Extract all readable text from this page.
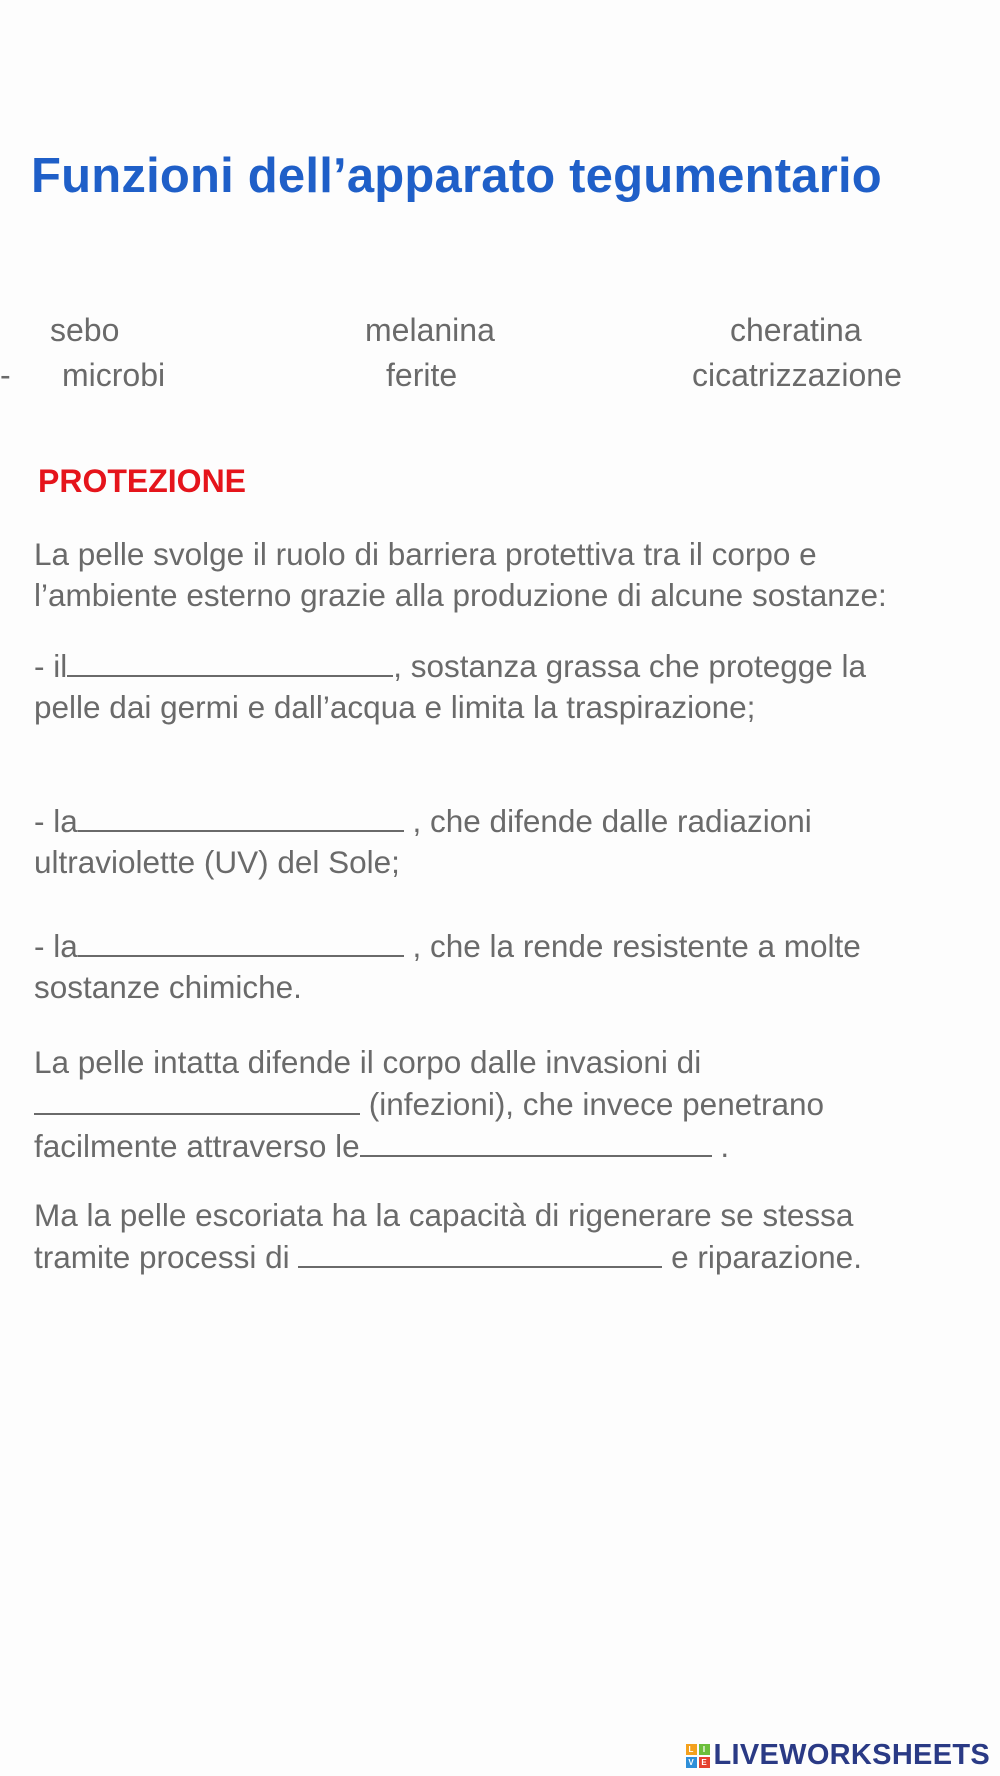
Funzioni dell’apparato tegumentario
sebo	melanina	cheratina
- microbi	ferite	cicatrizzazione
PROTEZIONE
La pelle svolge il ruolo di barriera protettiva tra il corpo e
l’ambiente esterno grazie alla produzione di alcune sostanze:
- il	, sostanza grassa che protegge la
pelle dai germi e dall’acqua e limita la traspirazione;
- la	, che difende dalle radiazioni
ultraviolette (UV) del Sole;
- la	, che la rende resistente a molte
sostanze chimiche.
La pelle intatta difende il corpo dalle invasioni di
(infezioni), che invece penetrano
facilmente attraverso le	.
Ma la pelle escoriata ha la capacità di rigenerare se stessa
tramite processi di	e riparazione.
L	I
V E LIVEWORKSHEETS
